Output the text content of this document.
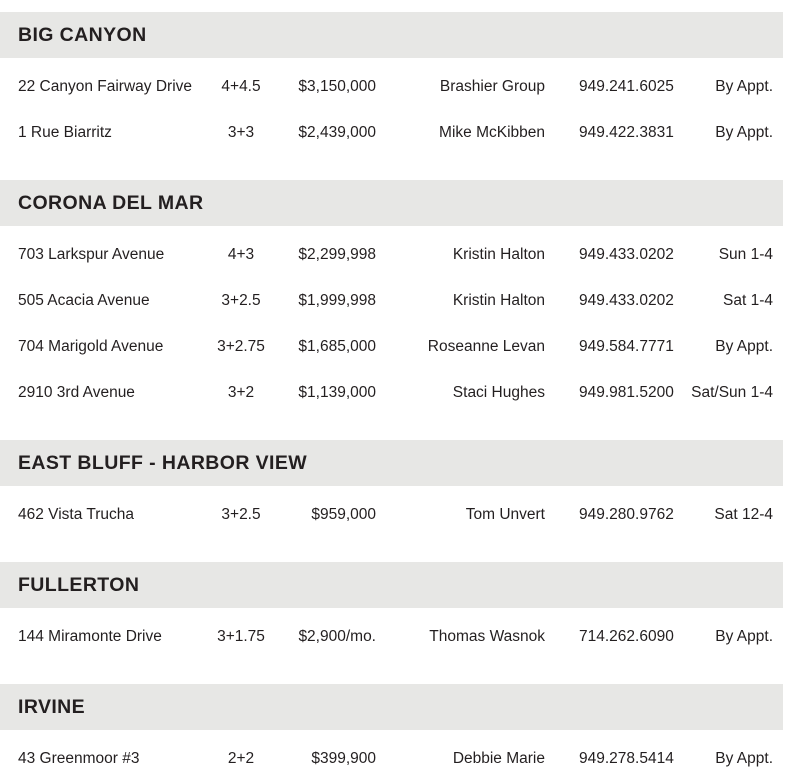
BIG CANYON
22 Canyon Fairway Drive 4+4.5 $3,150,000	Brashier Group 949.241.6025	By Appt.
1 Rue Biarritz	3+3	$2,439,000	Mike McKibben 949.422.3831	By Appt.
CORONA DEL MAR
703 Larkspur Avenue	4+3	$2,299,998	Kristin Halton 949.433.0202	Sun 1-4
505 Acacia Avenue	3+2.5 $1,999,998	Kristin Halton 949.433.0202	Sat 1-4
704 Marigold Avenue	3+2.75 $1,685,000	Roseanne Levan 949.584.7771	By Appt.
2910 3rd Avenue	3+2	$1,139,000	Staci Hughes 949.981.5200 Sat/Sun 1-4
EAST BLUFF - HARBOR VIEW
462 Vista Trucha	3+2.5	$959,000	Tom Unvert 949.280.9762	Sat 12-4
FULLERTON
144 Miramonte Drive	3+1.75 $2,900/mo.	Thomas Wasnok 714.262.6090	By Appt.
IRVINE
43 Greenmoor #3	2+2	$399,900	Debbie Marie 949.278.5414	By Appt.
